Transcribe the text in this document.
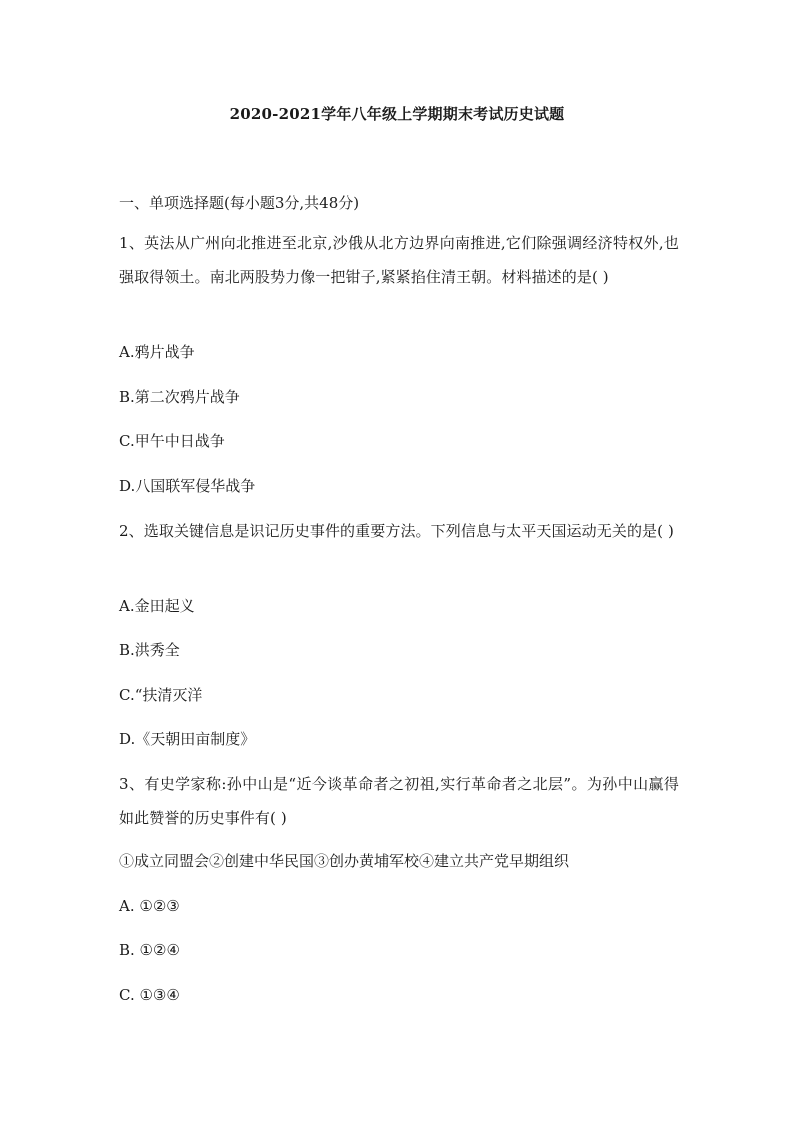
2020-2021学年八年级上学期期末考试历史试题
一、单项选择题(每小题3分,共48分)
1、英法从广州向北推进至北京,沙俄从北方边界向南推进,它们除强调经济特权外,也强取得领土。南北两股势力像一把钳子,紧紧掐住清王朝。材料描述的是( )
A.鸦片战争
B.第二次鸦片战争
C.甲午中日战争
D.八国联军侵华战争
2、选取关键信息是识记历史事件的重要方法。下列信息与太平天国运动无关的是( )
A.金田起义
B.洪秀全
C.“扶清灭洋
D.《天朝田亩制度》
3、有史学家称:孙中山是“近今谈革命者之初祖,实行革命者之北层”。为孙中山赢得如此赞誉的历史事件有( )
①成立同盟会②创建中华民国③创办黄埔军校④建立共产党早期组织
A. ①②③
B. ①②④
C. ①③④
